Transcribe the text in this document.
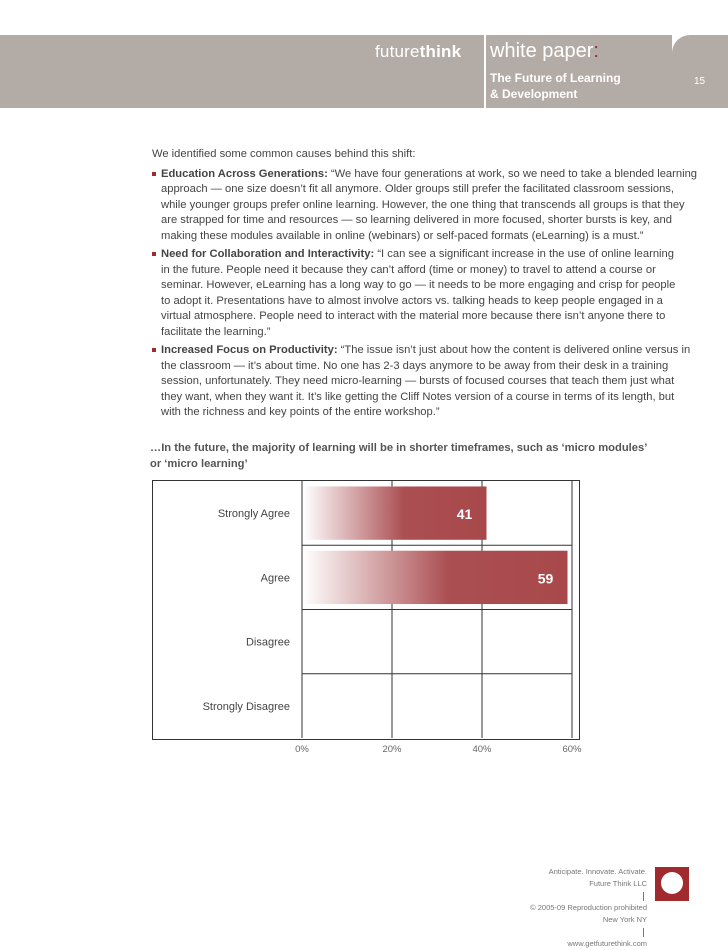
futurethink white paper:
The Future of Learning
& Development
15

We identified some common causes behind this shift:

Education Across Generations: “We have four generations at work, so we need to take a blended learning
approach — one size doesn’t fit all anymore. Older groups still prefer the facilitated classroom sessions,
while younger groups prefer online learning. However, the one thing that transcends all groups is that they
are strapped for time and resources — so learning delivered in more focused, shorter bursts is key, and
making these modules available in online (webinars) or self-paced formats (eLearning) is a must.”
Need for Collaboration and Interactivity: “I can see a significant increase in the use of online learning
in the future. People need it because they can’t afford (time or money) to travel to attend a course or
seminar. However, eLearning has a long way to go — it needs to be more engaging and crisp for people
to adopt it. Presentations have to almost involve actors vs. talking heads to keep people engaged in a
virtual atmosphere. People need to interact with the material more because there isn’t anyone there to
facilitate the learning.”
Increased Focus on Productivity: “The issue isn’t just about how the content is delivered online versus in
the classroom — it’s about time. No one has 2-3 days anymore to be away from their desk in a training
session, unfortunately. They need micro-learning — bursts of focused courses that teach them just what
they want, when they want it. It’s like getting the Cliff Notes version of a course in terms of its length, but
with the richness and key points of the entire workshop.”
…In the future, the majority of learning will be in shorter timeframes, such as ‘micro modules’
or ‘micro learning’
Strongly Agree	41
Agree	59
Disagree
Strongly Disagree
0%	20%	40%	60%
Anticipate. Innovate. Activate.
Future Think LLC
© 2005-09 Reproduction prohibited
New York NY
www.getfuturethink.com
